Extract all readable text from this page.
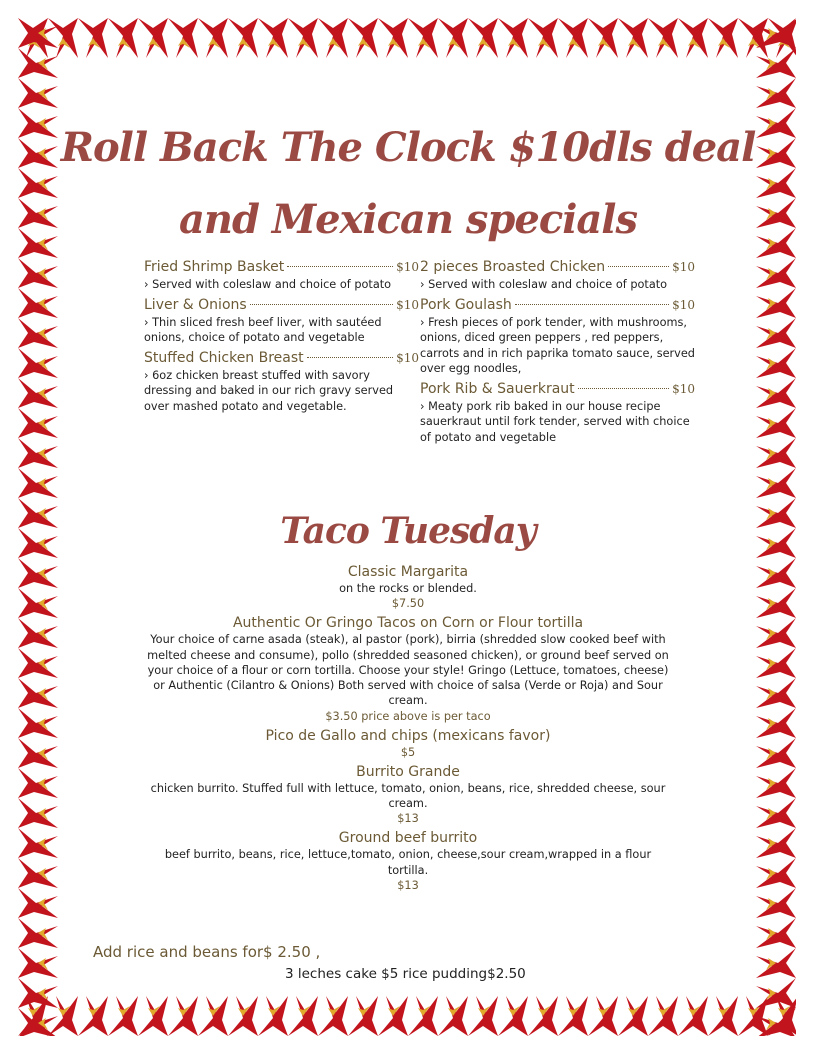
Roll Back The Clock $10dls deal
and Mexican specials
Fried Shrimp Basket	$10
› Served with coleslaw and choice of potato
Liver & Onions	$10
› Thin sliced fresh beef liver, with sautéed onions, choice of potato and vegetable
Stuffed Chicken Breast	$10
› 6oz chicken breast stuffed with savory dressing and baked in our rich gravy served over mashed potato and vegetable.
2 pieces Broasted Chicken	$10
› Served with coleslaw and choice of potato
Pork Goulash	$10
› Fresh pieces of pork tender, with mushrooms, onions, diced green peppers , red peppers, carrots and in rich paprika tomato sauce, served over egg noodles,
Pork Rib & Sauerkraut	$10
› Meaty pork rib baked in our house recipe sauerkraut until fork tender, served with choice of potato and vegetable
Taco Tuesday
Classic Margarita
on the rocks or blended.
$7.50
Authentic Or Gringo Tacos on Corn or Flour tortilla
Your choice of carne asada (steak), al pastor (pork), birria (shredded slow cooked beef with melted cheese and consume), pollo (shredded seasoned chicken), or ground beef served on your choice of a flour or corn tortilla. Choose your style! Gringo (Lettuce, tomatoes, cheese) or Authentic (Cilantro & Onions) Both served with choice of salsa (Verde or Roja) and Sour cream.
$3.50 price above is per taco
Pico de Gallo and chips (mexicans favor)
$5
Burrito Grande
chicken burrito. Stuffed full with lettuce, tomato, onion, beans, rice, shredded cheese, sour cream.
$13
Ground beef burrito
beef burrito, beans, rice, lettuce,tomato, onion, cheese,sour cream,wrapped in a flour tortilla.
$13
Add rice and beans for$ 2.50 ,
3 leches cake $5 rice pudding$2.50
